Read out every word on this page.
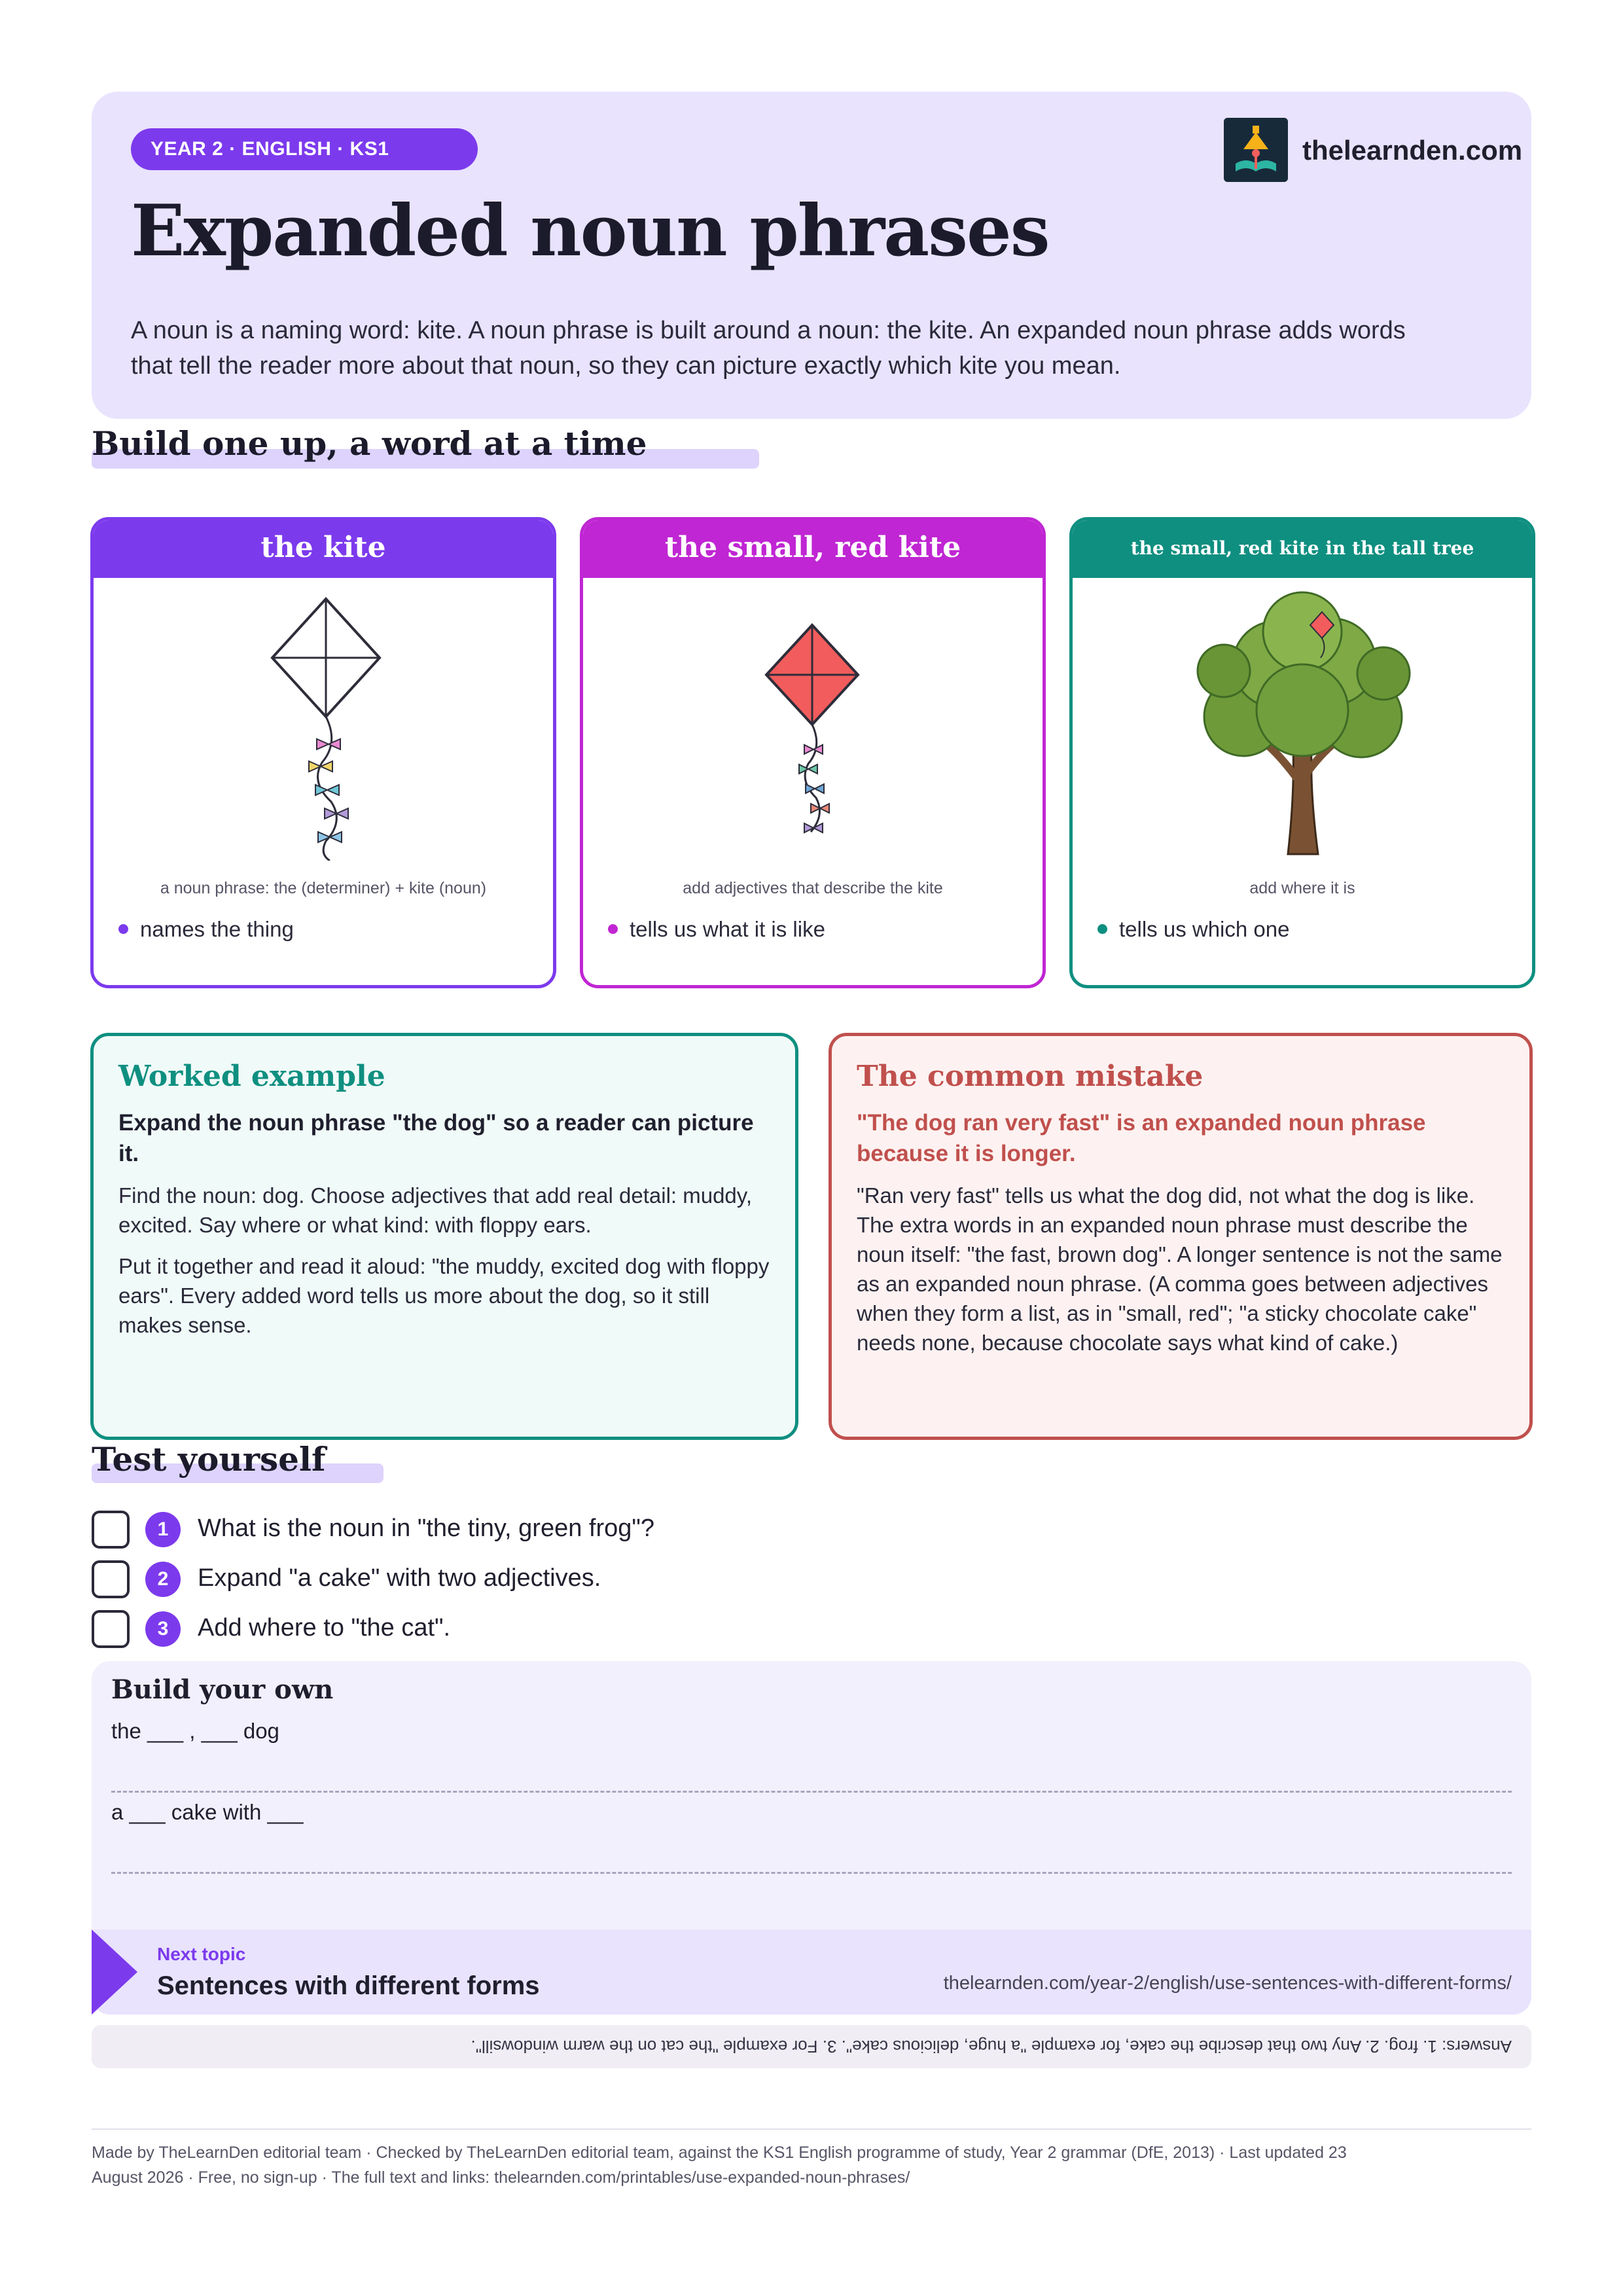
YEAR 2 · ENGLISH · KS1	thelearnden.com
Expanded noun phrases

A noun is a naming word: kite. A noun phrase is built around a noun: the kite. An expanded noun phrase adds words that tell the reader more about that noun, so they can picture exactly which kite you mean.

Build one up, a word at a time
the kite
a noun phrase: the (determiner) + kite (noun)
names the thing
the small, red kite
add adjectives that describe the kite
tells us what it is like
the small, red kite in the tall tree
add where it is
tells us which one
Worked example
Expand the noun phrase "the dog" so a reader can picture it.

Find the noun: dog. Choose adjectives that add real detail: muddy, excited. Say where or what kind: with floppy ears.

Put it together and read it aloud: "the muddy, excited dog with floppy ears". Every added word tells us more about the dog, so it still makes sense.

The common mistake
"The dog ran very fast" is an expanded noun phrase because it is longer.

"Ran very fast" tells us what the dog did, not what the dog is like. The extra words in an expanded noun phrase must describe the noun itself: "the fast, brown dog". A longer sentence is not the same as an expanded noun phrase. (A comma goes between adjectives when they form a list, as in "small, red"; "a sticky chocolate cake" needs none, because chocolate says what kind of cake.)

Test yourself
1	What is the noun in "the tiny, green frog"?
2	Expand "a cake" with two adjectives.
3	Add where to "the cat".
Build your own
the ___ , ___ dog
a ___ cake with ___
Next topic
Sentences with different forms	thelearnden.com/year-2/english/use-sentences-with-different-forms/
Answers: 1. frog. 2. Any two that describe the cake, for example "a huge, delicious cake". 3. For example "the cat on the warm windowsill".
Made by TheLearnDen editorial team · Checked by TheLearnDen editorial team, against the KS1 English programme of study, Year 2 grammar (DfE, 2013) · Last updated 23 August 2026 · Free, no sign-up · The full text and links: thelearnden.com/printables/use-expanded-noun-phrases/
